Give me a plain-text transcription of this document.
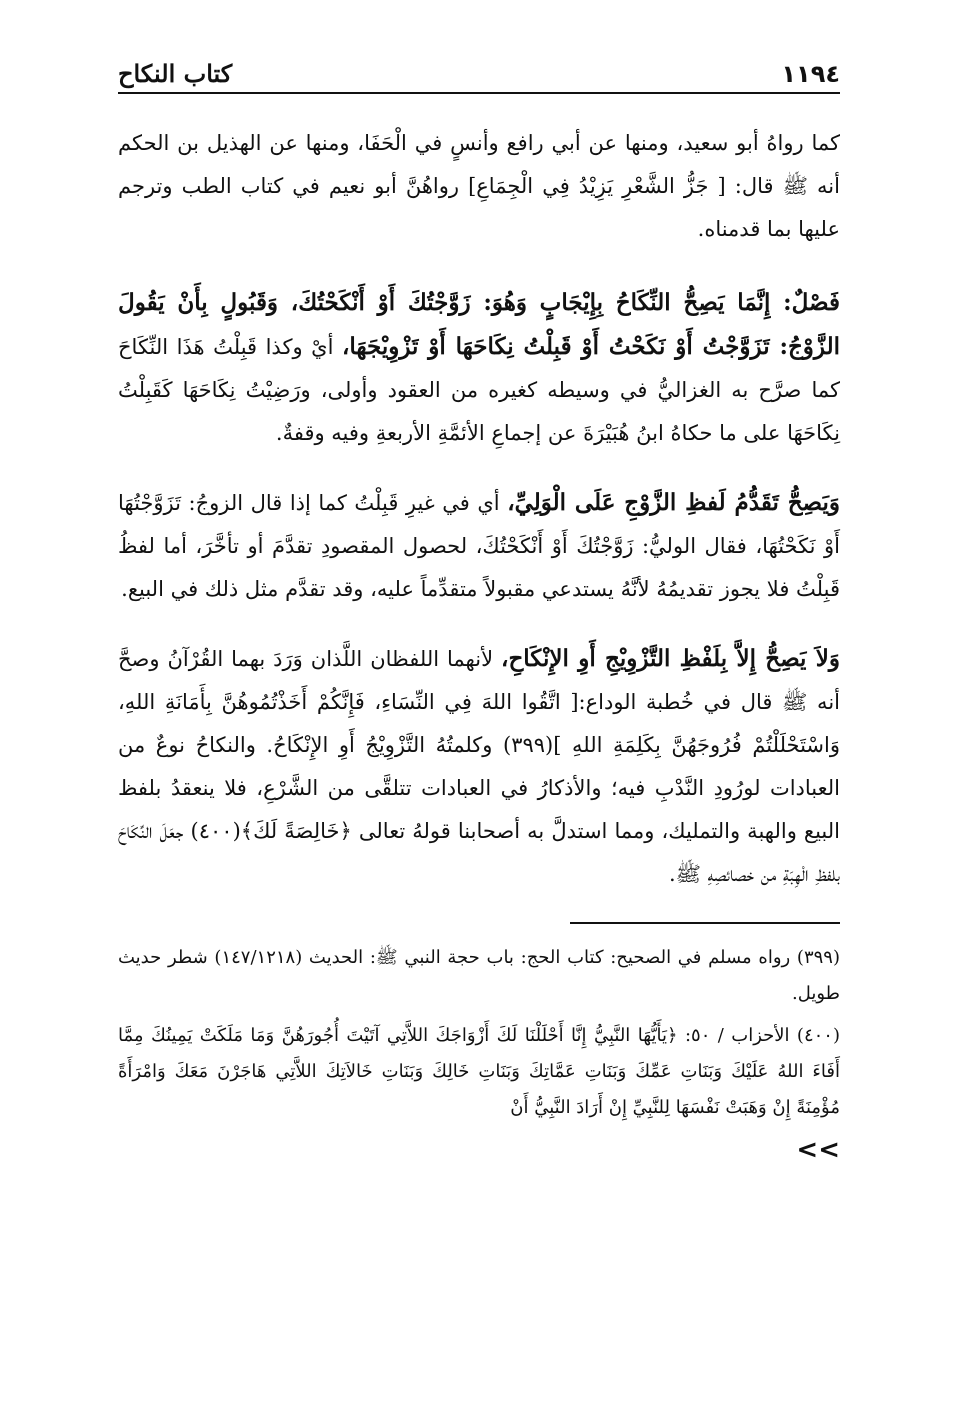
١١٩٤
كتاب النكاح

كما رواهُ أبو سعيد، ومنها عن أبي رافع وأنسٍ في الْحَفَا، ومنها عن الهذيل بن الحكم أنه ﷺ قال: [ جَزُّ الشَّعْرِ يَزِيْدُ فِي الْجِمَاعِ] رواهُنَّ أبو نعيم في كتاب الطب وترجم عليها بما قدمناه.

فَصْلٌ: إِنَّمَا يَصِحُّ النِّكَاحُ بِإِيْجَابٍ وَهُوَ: زَوَّجْتُكَ أَوْ أَنْكَحْتُكَ، وَقَبُولٍ بِأَنْ يَقُولَ الزَّوْجُ: تَزَوَّجْتُ أَوْ نَكَحْتُ أَوْ قَبِلْتُ نِكَاحَهَا أَوْ تَزْوِيْجَهَا، أيْ وكذا قَبِلْتُ هَذَا النِّكَاحَ كما صرَّح به الغزاليُّ في وسيطه كغيره من العقود وأولى، ورَضِيْتُ نِكَاحَهَا كَقَبِلْتُ نِكَاحَهَا على ما حكاهُ ابنُ هُبَيْرَةَ عن إجماعِ الأئمَّةِ الأربعةِ وفيه وقفةٌ.

وَيَصِحُّ تَقَدُّمُ لَفظِ الزَّوْجِ عَلَى الْوَلِيِّ، أي في غيرِ قَبِلْتُ كما إذا قال الزوجُ: تَزَوَّجْتُهَا أَوْ نَكَحْتُهَا، فقال الوليُّ: زَوَّجْتُكَ أَوْ أَنْكَحْتُكَ، لحصول المقصودِ تقدَّمَ أو تأخَّرَ، أما لفظُ قَبِلْتُ فلا يجوز تقديمُهُ لأنَّهُ يستدعي مقبولاً متقدِّماً عليه، وقد تقدَّم مثل ذلك في البيع.

وَلاَ يَصِحُّ إِلاَّ بِلَفْظِ التَّزْوِيْجِ أَوِ الإِنْكَاحِ، لأنهما اللفظان اللَّذان وَرَدَ بهما القُرْآنُ وصحَّ أنه ﷺ قال في خُطبة الوداع:[ اتَّقُوا اللهَ فِي النِّسَاءِ، فَإِنَّكُمْ أَخَذْتُمُوهُنَّ بِأَمَانَةِ اللهِ، وَاسْتَحْلَلْتُمْ فُرُوجَهُنَّ بِكَلِمَةِ اللهِ ](٣٩٩) وكلمتُهُ التَّزْوِيْجُ أَوِ الإِنْكَاحُ. والنكاحُ نوعٌ من العبادات لورُودِ النَّدْبِ فيه؛ والأذكارُ في العبادات تتلقَّى من الشَّرْعِ، فلا ينعقدُ بلفظ البيع والهبة والتمليك، ومما استدلَّ به أصحابنا قولهُ تعالى ﴿خَالِصَةً لَكَ﴾(٤٠٠) جعَلَ النِّكَاحَ بلفظِ الْهِبَةِ من خصائصِهِ ﷺ.

(٣٩٩) رواه مسلم في الصحيح: كتاب الحج: باب حجة النبي ﷺ: الحديث (١٤٧/١٢١٨) شطر حديث طويل.

(٤٠٠) الأحزاب / ٥٠: ﴿يَأَيُّهَا النَّبِيُّ إِنَّا أَحْلَلْنَا لَكَ أَزْوَاجَكَ اللاَّتِي آتَيْتَ أُجُورَهُنَّ وَمَا مَلَكَتْ يَمِينُكَ مِمَّا أَفَاءَ اللهُ عَلَيْكَ وَبَنَاتِ عَمِّكَ وَبَنَاتِ عَمَّاتِكَ وَبَنَاتِ خَالِكَ وَبَنَاتِ خَالاَتِكَ اللاَّتِي هَاجَرْنَ مَعَكَ وَامْرَأَةً مُؤْمِنَةً إِنْ وَهَبَتْ نَفْسَهَا لِلنَّبِيِّ إِنْ أَرَادَ النَّبِيُّ أَنْ

<<
